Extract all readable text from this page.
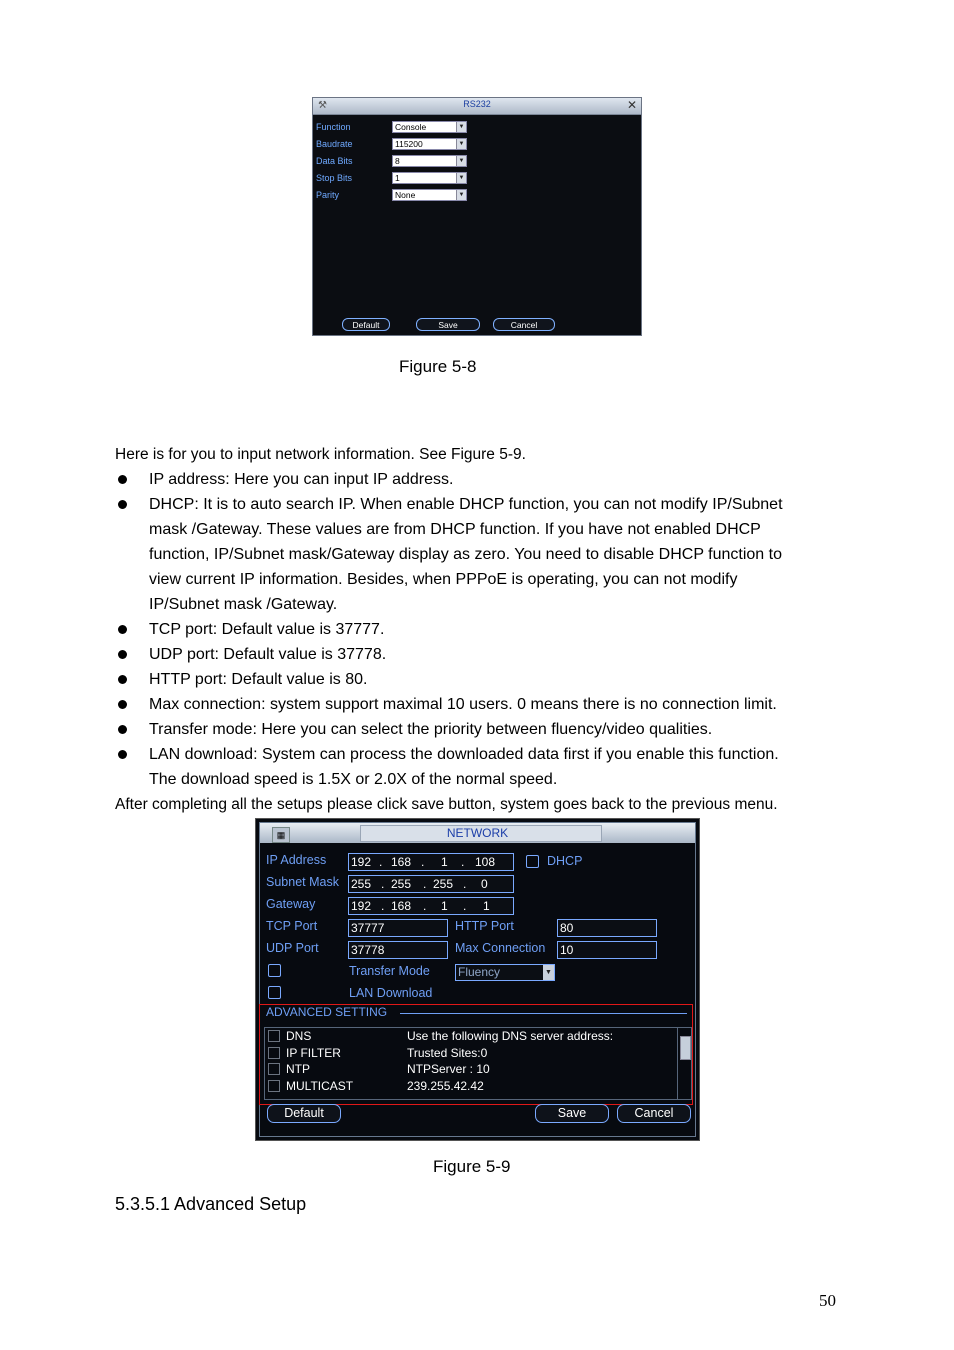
⚒	RS232	✕
Function	Console	▼
Baudrate	115200	▼
Data Bits	8	▼
Stop Bits	1	▼
Parity	None	▼
Default	Save	Cancel
Figure 5-8
Here is for you to input network information. See Figure 5-9.
IP address: Here you can input IP address.
DHCP: It is to auto search IP. When enable DHCP function, you can not modify IP/Subnet
mask /Gateway. These values are from DHCP function. If you have not enabled DHCP
function, IP/Subnet mask/Gateway display as zero. You need to disable DHCP function to
view current IP information. Besides, when PPPoE is operating, you can not modify
IP/Subnet mask /Gateway.
TCP port: Default value is 37777.
UDP port: Default value is 37778.
HTTP port: Default value is 80.
Max connection: system support maximal 10 users. 0 means there is no connection limit.
Transfer mode: Here you can select the priority between fluency/video qualities.
LAN download: System can process the downloaded data first if you enable this function.
The download speed is 1.5X or 2.0X of the normal speed.
After completing all the setups please click save button, system goes back to the previous menu.
▦	NETWORK
IP Address 192 . 168 . 1 . 108	DHCP
Subnet Mask 255 . 255 . 255 . 0
Gateway	192 . 168 . 1 . 1
TCP Port	37777	HTTP Port	80
UDP Port	37778	Max Connection 10
Transfer Mode Fluency	▼
LAN Download
ADVANCED SETTING
DNS	Use the following DNS server address:
IP FILTER	Trusted Sites:0
NTP	NTPServer : 10
MULTICAST	239.255.42.42
Default	Save	Cancel
Figure 5-9
5.3.5.1 Advanced Setup
50
